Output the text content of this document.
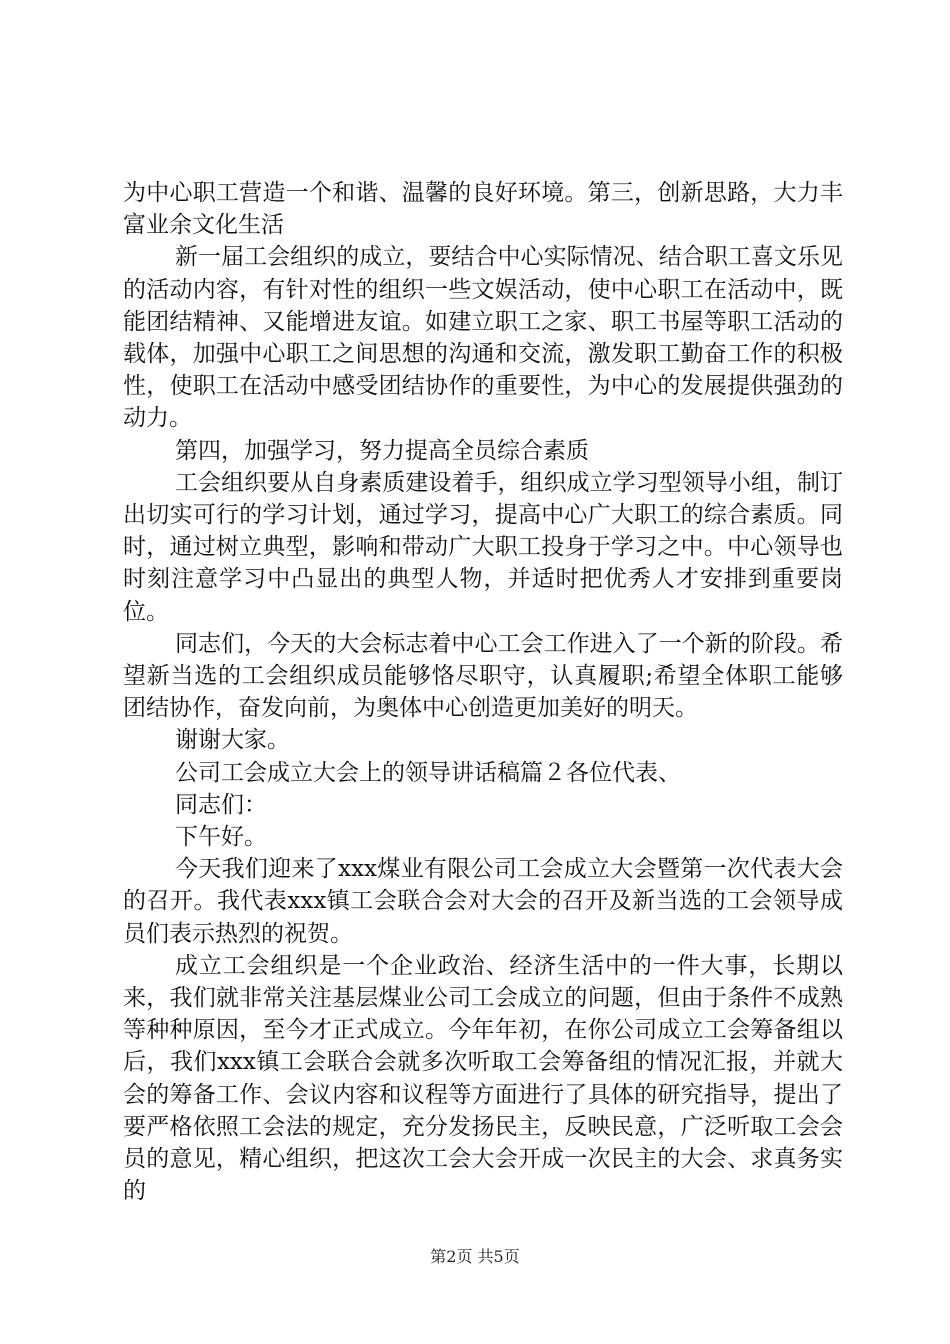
为中心职工营造一个和谐、温馨的良好环境。第三，创新思路，大力丰富业余文化生活

新一届工会组织的成立，要结合中心实际情况、结合职工喜文乐见的活动内容，有针对性的组织一些文娱活动，使中心职工在活动中，既能团结精神、又能增进友谊。如建立职工之家、职工书屋等职工活动的载体，加强中心职工之间思想的沟通和交流，激发职工勤奋工作的积极性，使职工在活动中感受团结协作的重要性，为中心的发展提供强劲的动力。

第四，加强学习，努力提高全员综合素质

工会组织要从自身素质建设着手，组织成立学习型领导小组，制订出切实可行的学习计划，通过学习，提高中心广大职工的综合素质。同时，通过树立典型，影响和带动广大职工投身于学习之中。中心领导也时刻注意学习中凸显出的典型人物，并适时把优秀人才安排到重要岗位。

同志们，今天的大会标志着中心工会工作进入了一个新的阶段。希望新当选的工会组织成员能够恪尽职守，认真履职;希望全体职工能够团结协作，奋发向前，为奥体中心创造更加美好的明天。

谢谢大家。

公司工会成立大会上的领导讲话稿篇２各位代表、

同志们：

下午好。

今天我们迎来了xxx煤业有限公司工会成立大会暨第一次代表大会的召开。我代表xxx镇工会联合会对大会的召开及新当选的工会领导成员们表示热烈的祝贺。

成立工会组织是一个企业政治、经济生活中的一件大事，长期以来，我们就非常关注基层煤业公司工会成立的问题，但由于条件不成熟等种种原因，至今才正式成立。今年年初，在你公司成立工会筹备组以后，我们xxx镇工会联合会就多次听取工会筹备组的情况汇报，并就大会的筹备工作、会议内容和议程等方面进行了具体的研究指导，提出了要严格依照工会法的规定，充分发扬民主，反映民意，广泛听取工会会员的意见，精心组织，把这次工会大会开成一次民主的大会、求真务实的

第2页 共5页
